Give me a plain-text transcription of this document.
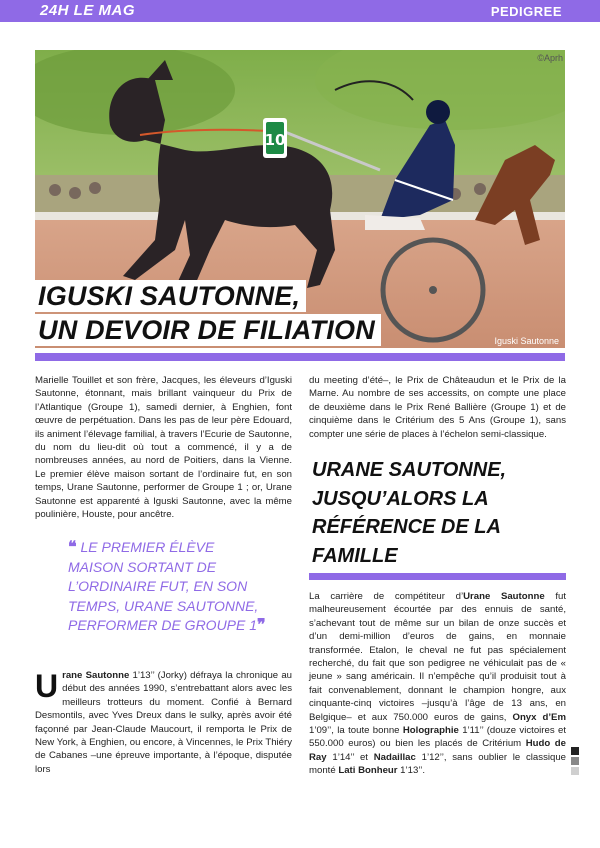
24H LE MAG	PEDIGREE
10
©Aprh
Iguski Sautonne
IGUSKI SAUTONNE,
UN DEVOIR DE FILIATION

Marielle Touillet et son frère, Jacques, les éleveurs d’Iguski Sautonne, étonnant, mais brillant vainqueur du Prix de l’Atlantique (Groupe 1), samedi dernier, à Enghien, font œuvre de perpétuation. Dans les pas de leur père Edouard, ils animent l’élevage familial, à travers l’Ecurie de Sautonne, du nom du lieu-dit où tout a commencé, il y a de nombreuses années, au nord de Poitiers, dans la Vienne. Le premier élève maison sortant de l’ordinaire fut, en son temps, Urane Sautonne, performer de Groupe 1 ; or, Urane Sautonne est apparenté à Iguski Sautonne, avec la même poulinière, Houste, pour ancêtre.

❝ LE PREMIER ÉLÈVE MAISON SORTANT DE L’ORDINAIRE FUT, EN SON TEMPS, URANE SAUTONNE, PERFORMER DE GROUPE 1❞

Urane Sautonne 1’13’’ (Jorky) défraya la chronique au début des années 1990, s’entrebattant alors avec les meilleurs trotteurs du moment. Confié à Bernard Desmontils, avec Yves Dreux dans le sulky, après avoir été façonné par Jean-Claude Maucourt, il remporta le Prix de New York, à Enghien, ou encore, à Vincennes, le Prix Thiéry de Cabanes –une épreuve importante, à l’époque, disputée lors

du meeting d’été–, le Prix de Châteaudun et le Prix de la Marne. Au nombre de ses accessits, on compte une place de deuxième dans le Prix René Ballière (Groupe 1) et de cinquième dans le Critérium des 5 Ans (Groupe 1), sans compter une série de places à l’échelon semi-classique.

URANE SAUTONNE, JUSQU’ALORS LA RÉFÉRENCE DE LA FAMILLE

La carrière de compétiteur d’Urane Sautonne fut malheureusement écourtée par des ennuis de santé, s’achevant tout de même sur un bilan de onze succès et d’un demi-million d’euros de gains, en monnaie transformée. Etalon, le cheval ne fut pas spécialement recherché, du fait que son pedigree ne véhiculait pas de « jeune » sang américain. Il n’empêche qu’il produisit tout à fait convenablement, donnant le champion hongre, aux cinquante-cinq victoires –jusqu’à l’âge de 13 ans, en Belgique– et aux 750.000 euros de gains, Onyx d’Em 1’09’’, la toute bonne Holographie 1’11’’ (douze victoires et 550.000 euros) ou bien les placés de Critérium Hudo de Ray 1’14’’ et Nadaillac 1’12’’, sans oublier le classique monté Lati Bonheur 1’13’’.
